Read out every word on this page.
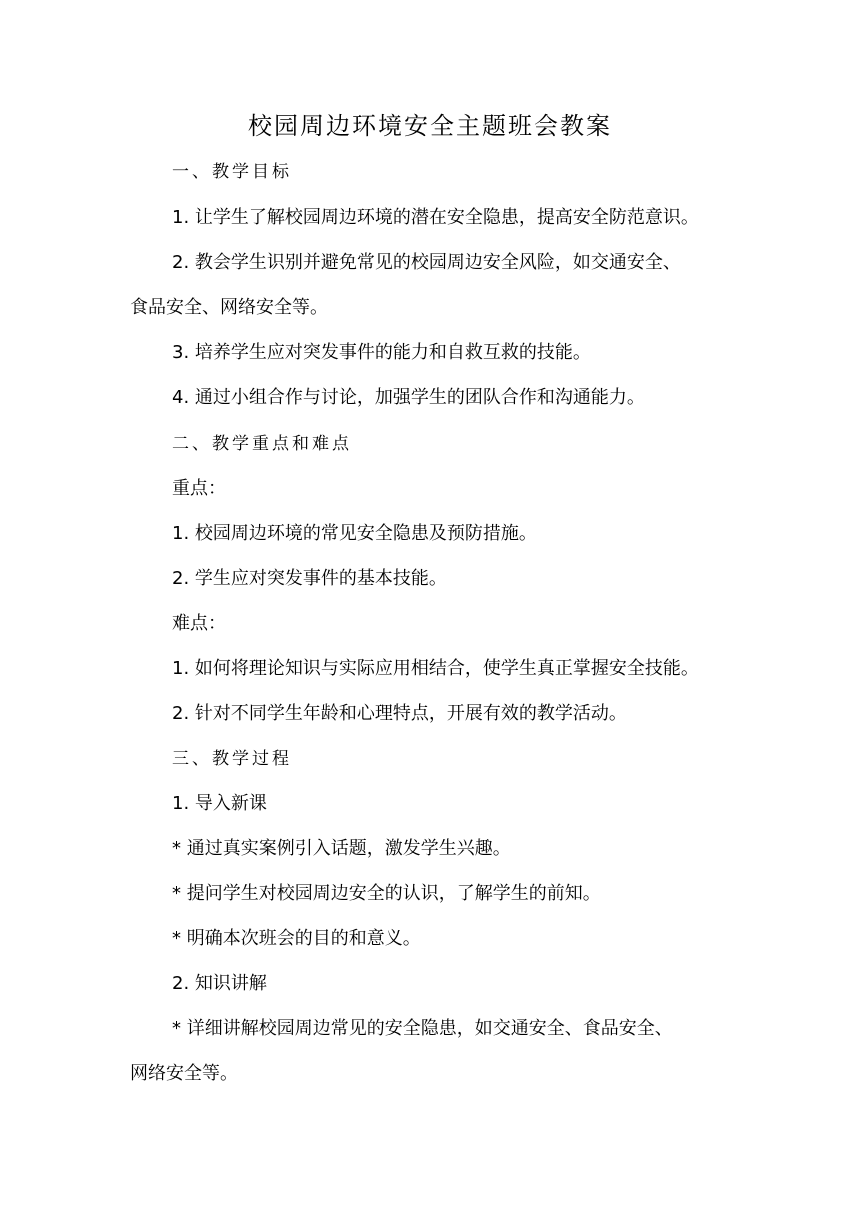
校园周边环境安全主题班会教案
一、教学目标
1. 让学生了解校园周边环境的潜在安全隐患，提高安全防范意识。
2. 教会学生识别并避免常见的校园周边安全风险，如交通安全、
食品安全、网络安全等。
3. 培养学生应对突发事件的能力和自救互救的技能。
4. 通过小组合作与讨论，加强学生的团队合作和沟通能力。
二、教学重点和难点
重点：
1. 校园周边环境的常见安全隐患及预防措施。
2. 学生应对突发事件的基本技能。
难点：
1. 如何将理论知识与实际应用相结合，使学生真正掌握安全技能。
2. 针对不同学生年龄和心理特点，开展有效的教学活动。
三、教学过程
1. 导入新课
* 通过真实案例引入话题，激发学生兴趣。
* 提问学生对校园周边安全的认识，了解学生的前知。
* 明确本次班会的目的和意义。
2. 知识讲解
* 详细讲解校园周边常见的安全隐患，如交通安全、食品安全、
网络安全等。
